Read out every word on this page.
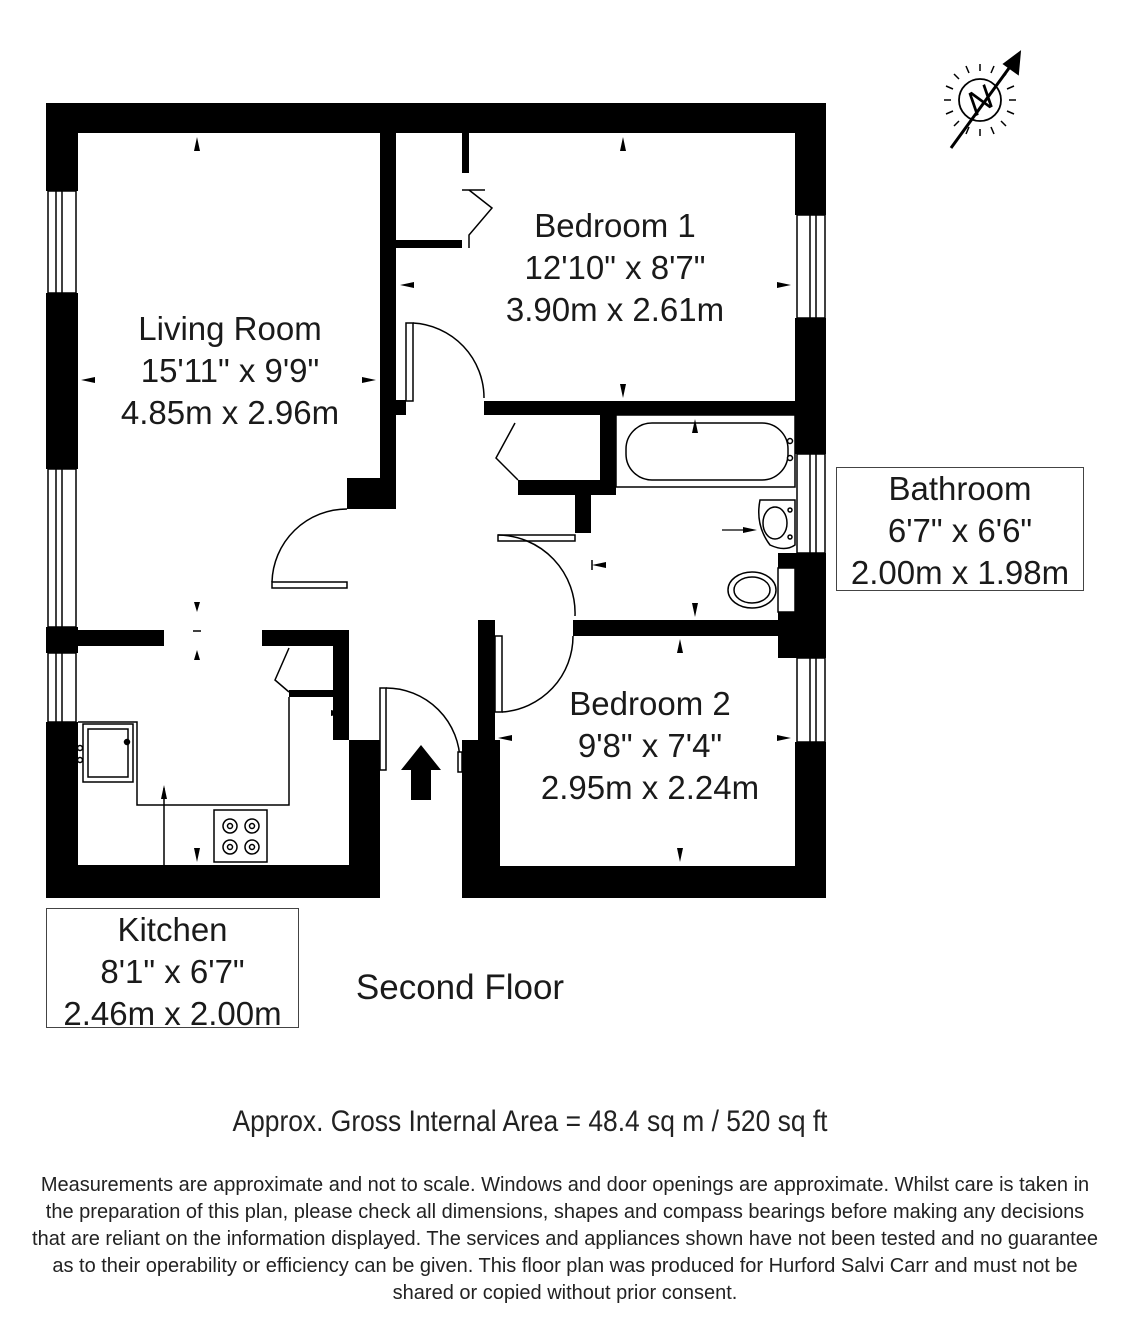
N
Living Room
15'11" x 9'9"
4.85m x 2.96m
Bedroom 1
12'10" x 8'7"
3.90m x 2.61m
Bathroom
6'7" x 6'6"
2.00m x 1.98m
Bedroom 2
9'8" x 7'4"
2.95m x 2.24m
Kitchen
8'1" x 6'7"
2.46m x 2.00m
Second Floor
Approx. Gross Internal Area = 48.4 sq m / 520 sq ft
Measurements are approximate and not to scale. Windows and door openings are approximate. Whilst care is taken in the preparation of this plan, please check all dimensions, shapes and compass bearings before making any decisions that are reliant on the information displayed. The services and appliances shown have not been tested and no guarantee as to their operability or efficiency can be given. This floor plan was produced for Hurford Salvi Carr and must not be shared or copied without prior consent.
